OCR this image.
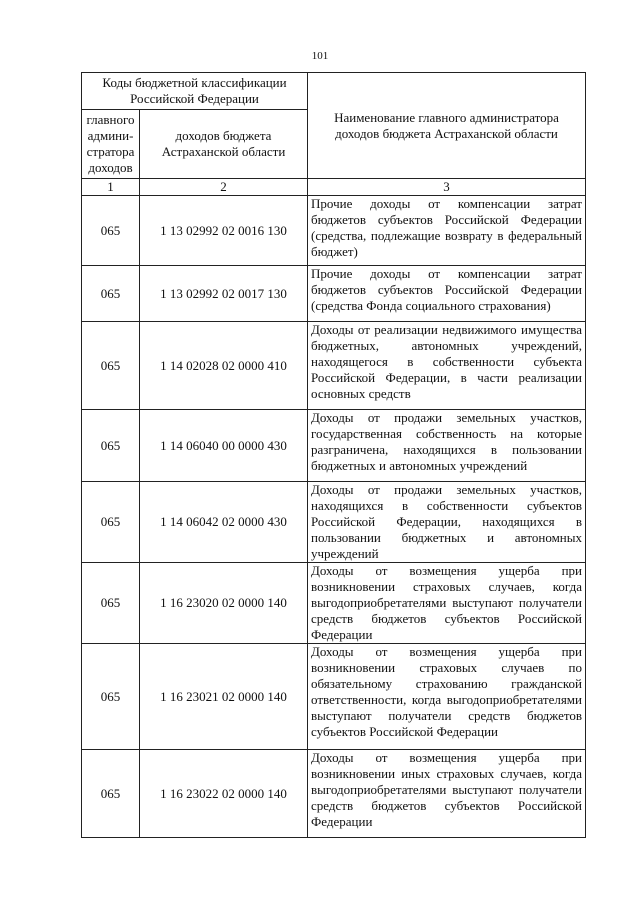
101
Коды бюджетной классификации Российской Федерации		Наименование главного администратора доходов бюджета Астраханской области
главного админи-стратора доходов	доходов бюджета Астраханской области	
1	2	3
065	1 13 02992 02 0016 130	Прочие доходы от компенсации затрат бюджетов субъектов Российской Федерации (средства, подлежащие возврату в федеральный бюджет)
065	1 13 02992 02 0017 130	Прочие доходы от компенсации затрат бюджетов субъектов Российской Федерации (средства Фонда социального страхования)
065	1 14 02028 02 0000 410	Доходы от реализации недвижимого имущества бюджетных, автономных учреждений, находящегося в собственности субъекта Российской Федерации, в части реализации основных средств
065	1 14 06040 00 0000 430	Доходы от продажи земельных участков, государственная собственность на которые разграничена, находящихся в пользовании бюджетных и автономных учреждений
065	1 14 06042 02 0000 430	Доходы от продажи земельных участков, находящихся в собственности субъектов Российской Федерации, находящихся в пользовании бюджетных и автономных учреждений
065	1 16 23020 02 0000 140	Доходы от возмещения ущерба при возникновении страховых случаев, когда выгодоприобретателями выступают получатели средств бюджетов субъектов Российской Федерации
065	1 16 23021 02 0000 140	Доходы от возмещения ущерба при возникновении страховых случаев по обязательному страхованию гражданской ответственности, когда выгодоприобретателями выступают получатели средств бюджетов субъектов Российской Федерации
065	1 16 23022 02 0000 140	Доходы от возмещения ущерба при возникновении иных страховых случаев, когда выгодоприобретателями выступают получатели средств бюджетов субъектов Российской Федерации
